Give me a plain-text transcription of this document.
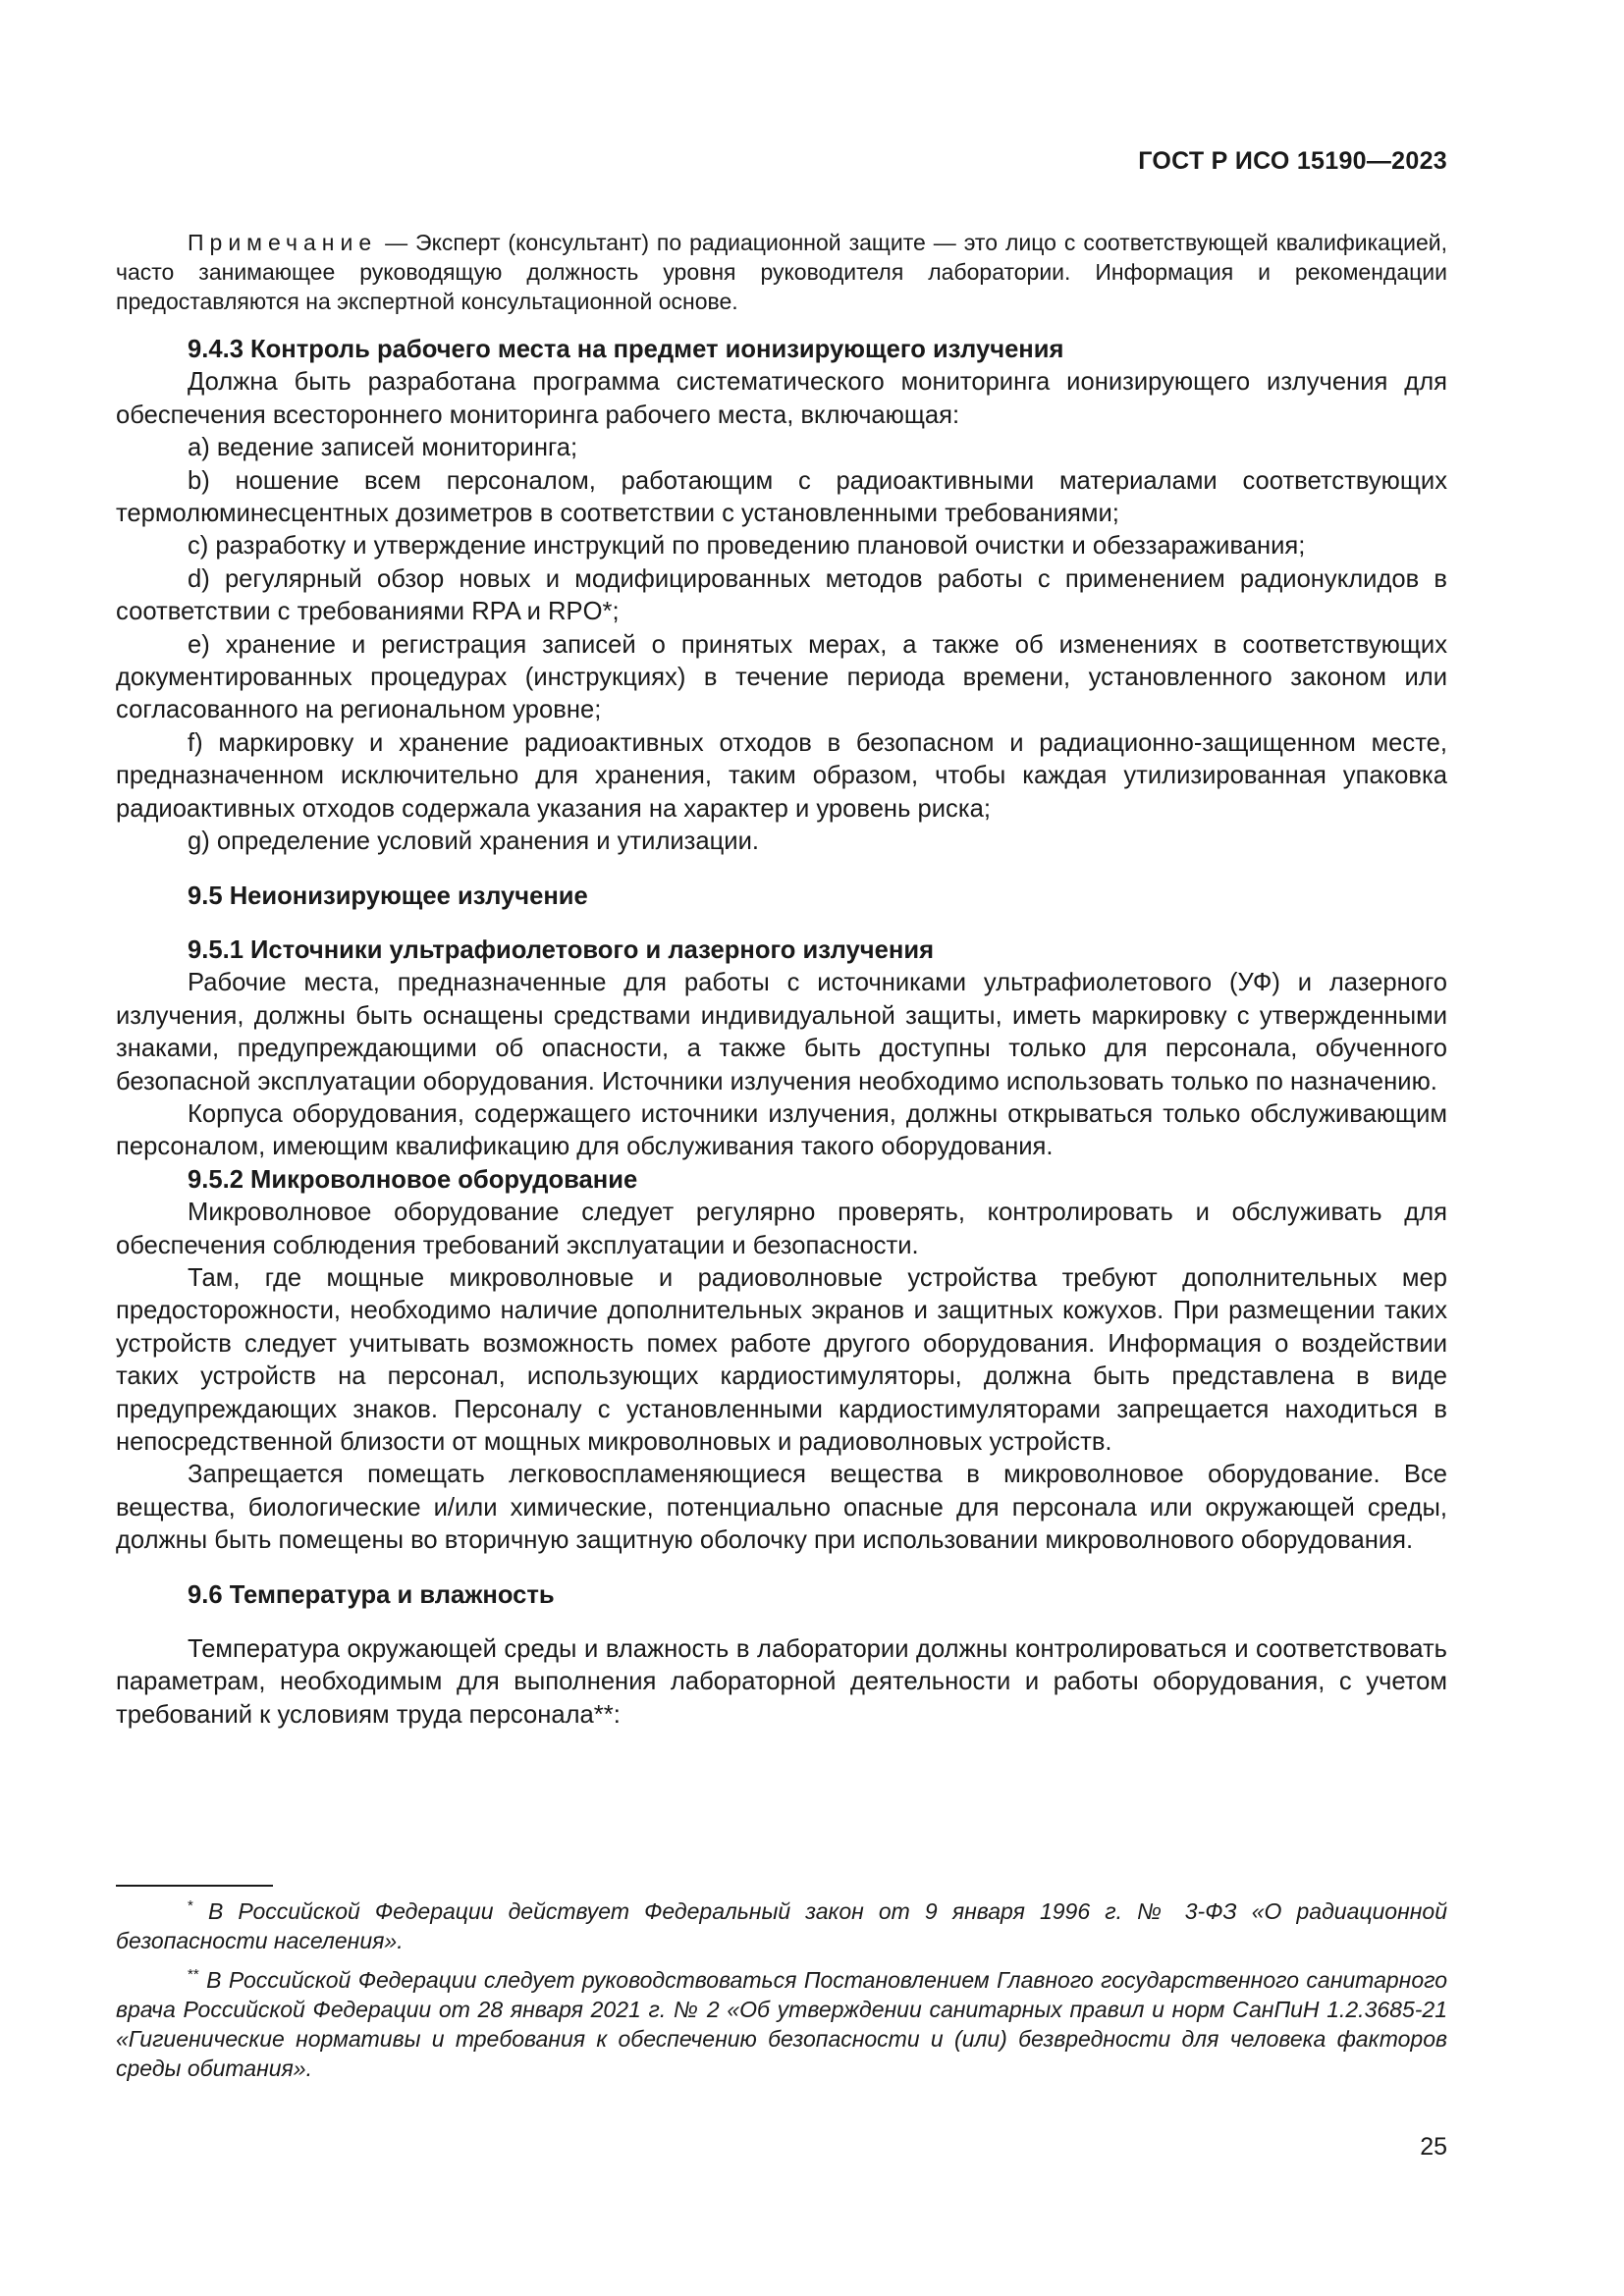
ГОСТ Р ИСО 15190—2023
Примечание — Эксперт (консультант) по радиационной защите — это лицо с соответствующей квалификацией, часто занимающее руководящую должность уровня руководителя лаборатории. Информация и рекомендации предоставляются на экспертной консультационной основе.
9.4.3 Контроль рабочего места на предмет ионизирующего излучения

Должна быть разработана программа систематического мониторинга ионизирующего излучения для обеспечения всестороннего мониторинга рабочего места, включающая:

a) ведение записей мониторинга;

b) ношение всем персоналом, работающим с радиоактивными материалами соответствующих термолюминесцентных дозиметров в соответствии с установленными требованиями;

c) разработку и утверждение инструкций по проведению плановой очистки и обеззараживания;

d) регулярный обзор новых и модифицированных методов работы с применением радионуклидов в соответствии с требованиями RPA и RPO*;

e) хранение и регистрация записей о принятых мерах, а также об изменениях в соответствующих документированных процедурах (инструкциях) в течение периода времени, установленного законом или согласованного на региональном уровне;

f) маркировку и хранение радиоактивных отходов в безопасном и радиационно-защищенном месте, предназначенном исключительно для хранения, таким образом, чтобы каждая утилизированная упаковка радиоактивных отходов содержала указания на характер и уровень риска;

g) определение условий хранения и утилизации.

9.5 Неионизирующее излучение
9.5.1 Источники ультрафиолетового и лазерного излучения

Рабочие места, предназначенные для работы с источниками ультрафиолетового (УФ) и лазерного излучения, должны быть оснащены средствами индивидуальной защиты, иметь маркировку с утвержденными знаками, предупреждающими об опасности, а также быть доступны только для персонала, обученного безопасной эксплуатации оборудования. Источники излучения необходимо использовать только по назначению.

Корпуса оборудования, содержащего источники излучения, должны открываться только обслуживающим персоналом, имеющим квалификацию для обслуживания такого оборудования.

9.5.2 Микроволновое оборудование

Микроволновое оборудование следует регулярно проверять, контролировать и обслуживать для обеспечения соблюдения требований эксплуатации и безопасности.

Там, где мощные микроволновые и радиоволновые устройства требуют дополнительных мер предосторожности, необходимо наличие дополнительных экранов и защитных кожухов. При размещении таких устройств следует учитывать возможность помех работе другого оборудования. Информация о воздействии таких устройств на персонал, использующих кардиостимуляторы, должна быть представлена в виде предупреждающих знаков. Персоналу с установленными кардиостимуляторами запрещается находиться в непосредственной близости от мощных микроволновых и радиоволновых устройств.

Запрещается помещать легковоспламеняющиеся вещества в микроволновое оборудование. Все вещества, биологические и/или химические, потенциально опасные для персонала или окружающей среды, должны быть помещены во вторичную защитную оболочку при использовании микроволнового оборудования.

9.6 Температура и влажность

Температура окружающей среды и влажность в лаборатории должны контролироваться и соответствовать параметрам, необходимым для выполнения лабораторной деятельности и работы оборудования, с учетом требований к условиям труда персонала**:

* В Российской Федерации действует Федеральный закон от 9 января 1996 г. № 3-ФЗ «О радиационной безопасности населения».

** В Российской Федерации следует руководствоваться Постановлением Главного государственного санитарного врача Российской Федерации от 28 января 2021 г. № 2 «Об утверждении санитарных правил и норм СанПиН 1.2.3685-21 «Гигиенические нормативы и требования к обеспечению безопасности и (или) безвредности для человека факторов среды обитания».

25
